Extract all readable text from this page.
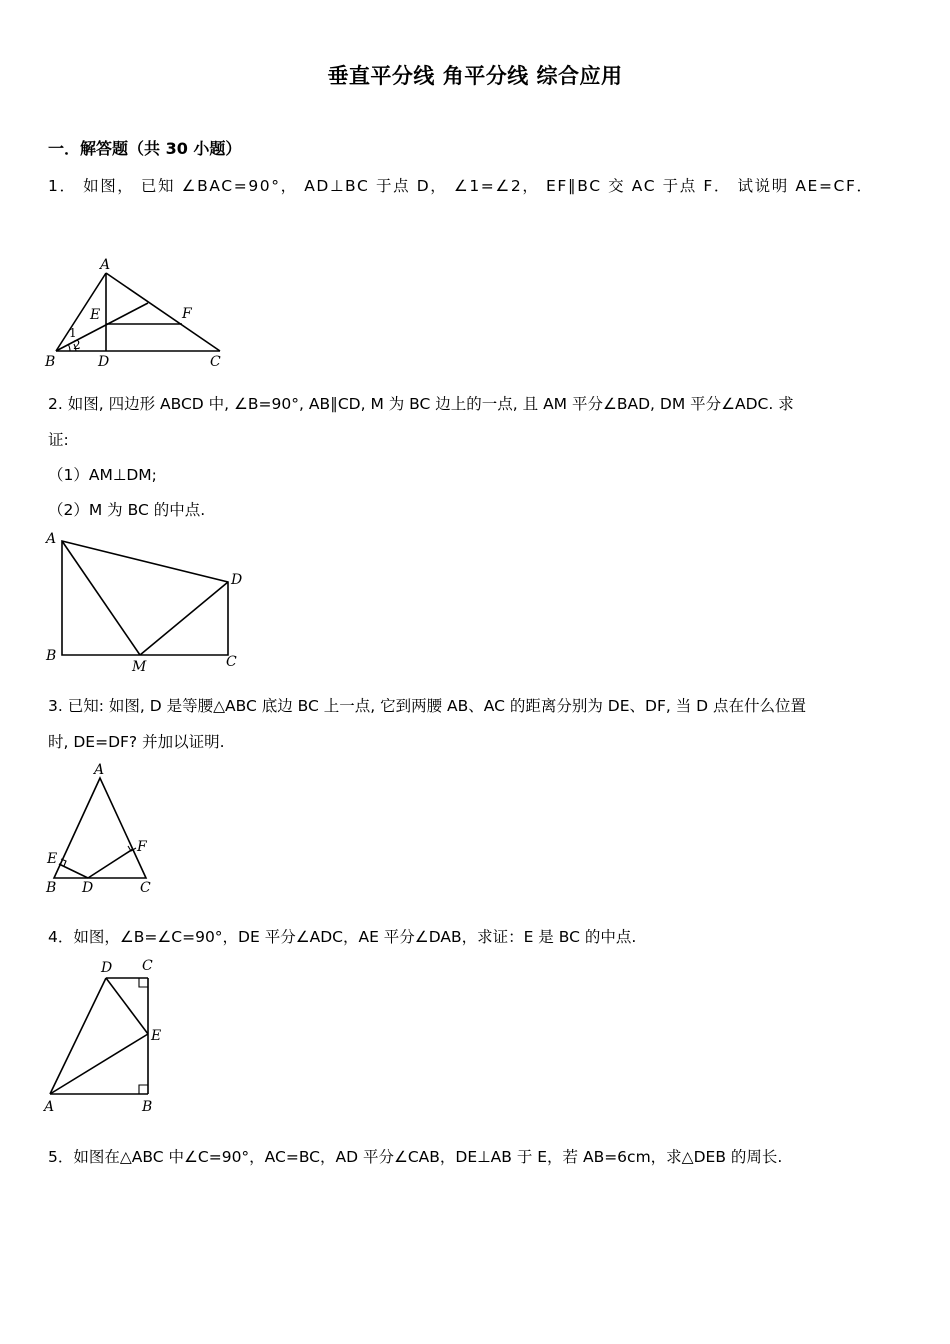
垂直平分线 角平分线 综合应用
一．解答题（共 30 小题）
1． 如图， 已知 ∠BAC=90°， AD⊥BC 于点 D， ∠1=∠2， EF∥BC 交 AC 于点 F． 试说明 AE=CF．
A
B	C
D
E	F
1
2
2. 如图, 四边形 ABCD 中, ∠B=90°, AB∥CD, M 为 BC 边上的一点, 且 AM 平分∠BAD, DM 平分∠ADC. 求
证:
（1）AM⊥DM;
（2）M 为 BC 的中点.
A
B	C
D
M
3. 已知: 如图, D 是等腰△ABC 底边 BC 上一点, 它到两腰 AB、AC 的距离分别为 DE、DF, 当 D 点在什么位置
时, DE=DF? 并加以证明.
A
B	C
D
E
F
4．如图，∠B=∠C=90°，DE 平分∠ADC，AE 平分∠DAB，求证：E 是 BC 的中点.
A	B
C
D
E
5．如图在△ABC 中∠C=90°，AC=BC，AD 平分∠CAB，DE⊥AB 于 E，若 AB=6cm，求△DEB 的周长.
